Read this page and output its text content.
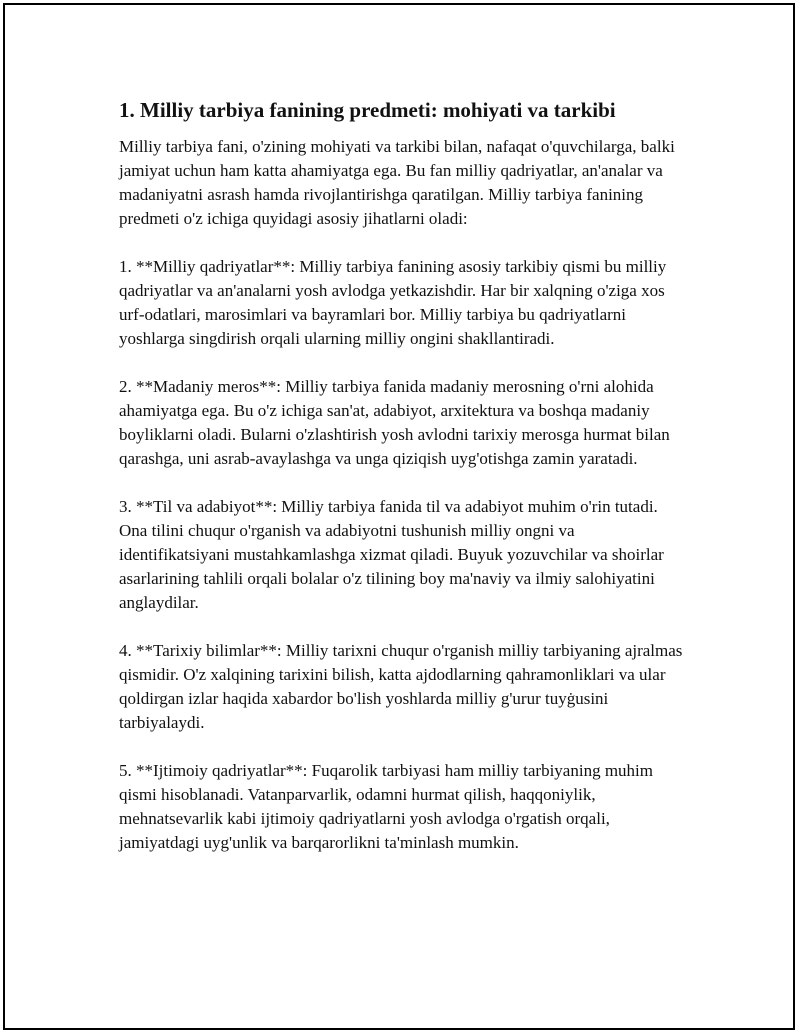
1. Milliy tarbiya fanining predmeti: mohiyati va tarkibi

Milliy tarbiya fani, o'zining mohiyati va tarkibi bilan, nafaqat o'quvchilarga, balki jamiyat uchun ham katta ahamiyatga ega. Bu fan milliy qadriyatlar, an'analar va madaniyatni asrash hamda rivojlantirishga qaratilgan. Milliy tarbiya fanining predmeti o'z ichiga quyidagi asosiy jihatlarni oladi:

1. **Milliy qadriyatlar**: Milliy tarbiya fanining asosiy tarkibiy qismi bu milliy qadriyatlar va an'analarni yosh avlodga yetkazishdir. Har bir xalqning o'ziga xos urf-odatlari, marosimlari va bayramlari bor. Milliy tarbiya bu qadriyatlarni yoshlarga singdirish orqali ularning milliy ongini shakllantiradi.

2. **Madaniy meros**: Milliy tarbiya fanida madaniy merosning o'rni alohida ahamiyatga ega. Bu o'z ichiga san'at, adabiyot, arxitektura va boshqa madaniy boyliklarni oladi. Bularni o'zlashtirish yosh avlodni tarixiy merosga hurmat bilan qarashga, uni asrab-avaylashga va unga qiziqish uyg'otishga zamin yaratadi.

3. **Til va adabiyot**: Milliy tarbiya fanida til va adabiyot muhim o'rin tutadi. Ona tilini chuqur o'rganish va adabiyotni tushunish milliy ongni va identifikatsiyani mustahkamlashga xizmat qiladi. Buyuk yozuvchilar va shoirlar asarlarining tahlili orqali bolalar o'z tilining boy ma'naviy va ilmiy salohiyatini anglaydilar.

4. **Tarixiy bilimlar**: Milliy tarixni chuqur o'rganish milliy tarbiyaning ajralmas qismidir. O'z xalqining tarixini bilish, katta ajdodlarning qahramonliklari va ular qoldirgan izlar haqida xabardor bo'lish yoshlarda milliy g'urur tuyġusini tarbiyalaydi.

5. **Ijtimoiy qadriyatlar**: Fuqarolik tarbiyasi ham milliy tarbiyaning muhim qismi hisoblanadi. Vatanparvarlik, odamni hurmat qilish, haqqoniylik, mehnatsevarlik kabi ijtimoiy qadriyatlarni yosh avlodga o'rgatish orqali, jamiyatdagi uyg'unlik va barqarorlikni ta'minlash mumkin.
